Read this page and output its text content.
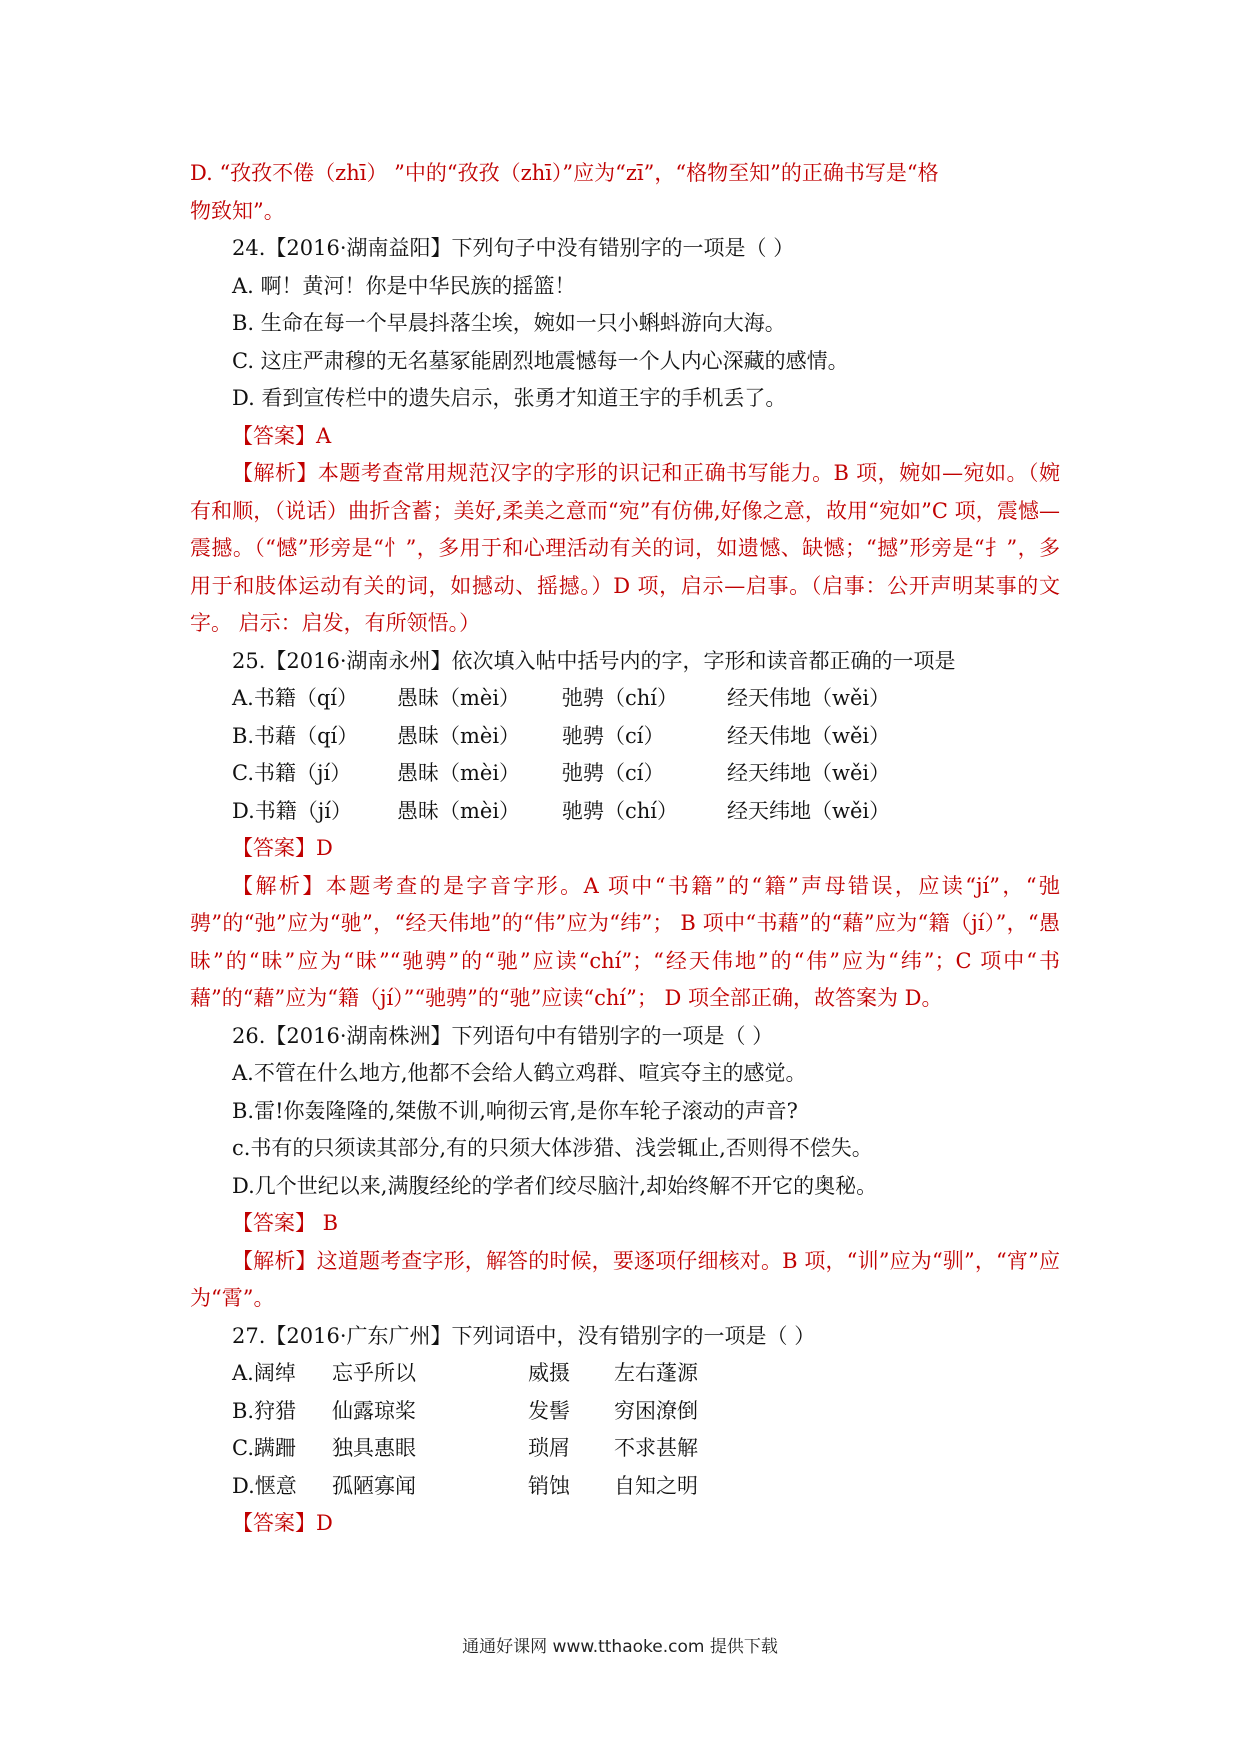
D. “孜孜不倦（zhī） ”中的“孜孜（zhī）”应为“zī”，“格物至知”的正确书写是“格
物致知”。
24.【2016·湖南益阳】下列句子中没有错别字的一项是（ ）
A. 啊！黄河！你是中华民族的摇篮！
B. 生命在每一个早晨抖落尘埃，婉如一只小蝌蚪游向大海。
C. 这庄严肃穆的无名墓冢能剧烈地震憾每一个人内心深藏的感情。
D. 看到宣传栏中的遗失启示，张勇才知道王宇的手机丢了。
【答案】A
【解析】本题考查常用规范汉字的字形的识记和正确书写能力。B 项，婉如—宛如。（婉有和顺，（说话）曲折含蓄；美好,柔美之意而“宛”有仿佛,好像之意，故用“宛如”C 项，震憾—震撼。（“憾”形旁是“忄”，多用于和心理活动有关的词，如遗憾、缺憾；“撼”形旁是“扌”，多用于和肢体运动有关的词，如撼动、摇撼。）D 项，启示—启事。（启事：公开声明某事的文字。 启示：启发，有所领悟。）
25.【2016·湖南永州】依次填入帖中括号内的字，字形和读音都正确的一项是
A.书籍（qí）	愚昧（mèi）	弛骋（chí）	经天伟地（wěi）
B.书藉（qí）	愚昧（mèi）	驰骋（cí）	经天伟地（wěi）
C.书籍（jí）	愚昧（mèi）	弛骋（cí）	经天纬地（wěi）
D.书籍（jí）	愚昧（mèi）	驰骋（chí）	经天纬地（wěi）
【答案】D
【解析】本题考查的是字音字形。A 项中“书籍”的“籍”声母错误，应读“jí”，“弛骋”的“弛”应为“驰”，“经天伟地”的“伟”应为“纬”； B 项中“书藉”的“藉”应为“籍（jí）”，“愚昧”的“昧”应为“昧”“驰骋”的“驰”应读“chí”；“经天伟地”的“伟”应为“纬”；C 项中“书藉”的“藉”应为“籍（jí）”“驰骋”的“驰”应读“chí”； D 项全部正确，故答案为 D。
26.【2016·湖南株洲】下列语句中有错别字的一项是（ ）
A.不管在什么地方,他都不会给人鹤立鸡群、喧宾夺主的感觉。
B.雷!你轰隆隆的,桀傲不训,响彻云宵,是你车轮子滚动的声音?
c.书有的只须读其部分,有的只须大体涉猎、浅尝辄止,否则得不偿失。
D.几个世纪以来,满腹经纶的学者们绞尽脑汁,却始终解不开它的奥秘。
【答案】 B
【解析】这道题考查字形，解答的时候，要逐项仔细核对。B 项，“训”应为“驯”，“宵”应为“霄”。
27.【2016·广东广州】下列词语中，没有错别字的一项是（ ）
A.阔绰	忘乎所以	威摄	左右蓬源
B.狩猎	仙露琼桨	发髻	穷困潦倒
C.蹒跚	独具惠眼	琐屑	不求甚解
D.惬意	孤陋寡闻	销蚀	自知之明
【答案】D
通通好课网 www.tthaoke.com 提供下载
